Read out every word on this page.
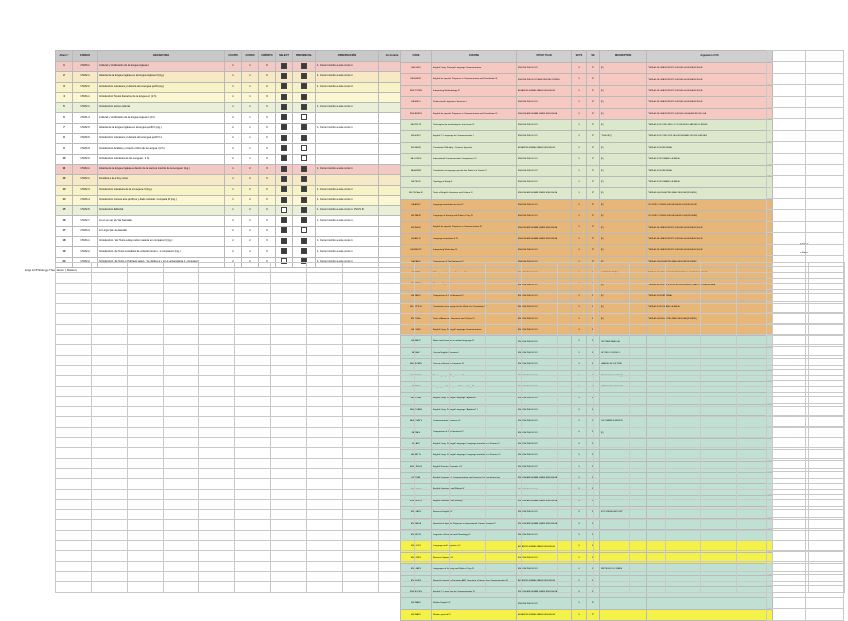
Altern.*	CODIGO	ASIGNATURA	CUATRI	CURSO	CRÉDITO	SELECT	PRESENCIAL	OBSERVACIÓN	Co.horaria
1	17180-1	Cultural y Civilización de la lengua inglesa I	1	1	6			1. Curso inscrito a este curso 1	
2	17182-1	Historia de la lengua inglesa en la lengua inglesa II (ing.)	1	1	6			1. Curso inscrito a este curso 1	
3	17182-2	Introducción Literatura y Historia de la lengua perfil (ing.)	1	1	6			1. Curso inscrito a este curso II	
4	17184-1	Introducción Textos literarios de la lengua a I (2 h)	1	1	6				
5	17182-1	Introducción textos cultural	1	1	6			1. Curso inscrito a este curso 1	
6	17181-4	Cultural y Civilización de la lengua inglesa I (2 h)	2	1	6				
7	17182-5	Historia de la lengua inglesa en la lengua perfil II (ing.)	2	1	6			1. Curso inscrito a este curso 1	
8	17183-6	Introducción Literatura y Historia de la lengua perfil II.1	2	1	6				
9	17184-9	Introducción Análisis y el texto crítico de la Lengua I (2 h)	2	1	6				
10	17182-6	Introducción Literatura de los Lengua I, 2 h)	2	1	6				
11	17182-1	Historia de la lengua inglesa a dentro de la carrera inscrito de la Lengua I (ing.)	1	2	6			1. Curso inscrito a este curso 1	
12	17182-1	Fonética a la a hoy curso	1	2	6				
13	17182-3	Introducción Literatura de la Lit supera II (ing.)	1	2	6			1. Curso inscrito a este curso 1	
14	17184-4	Introducción Cursos arte perfil es y dado incluido. Compara III (ing.)	1	2	6			1. Curso inscrito a este curso 1	
15	17182-5	Introducción Editorial	1	2	6			1. Curso inscrito a este curso 1. PLUS III	
16	17182-7	Lit en su ser de Var baccalar.	2	2	6			1. Curso inscrito a este curso 1.	
17	17184-3	Lit Lingu Var. de Estudio	2	2	6				
18	17184-1	Introducción. Ver Texto a Esp cultur materia en compara II (ing.)	2	2	6			1. Curso inscrito a este curso 1	
19	17182-2	Introducción. de Texto a Análisis de a literari texto n. 1 compara II (ing.)	2	2	6			1. Curso inscrito a este curso 1	
20	17182-2	Introducción. de Texto o Pub Esti select., Ve dottico a y Li Lit universitaria 1. compara II	2	2	6			1. Curso inscrito a este curso 1	
CODE	COURSE	STUDY PLAN	ECTS	SE	DESCRIPTION	Argument of CS
FA-FLING	English Lang. Portugal Language Communication	ENGLISH PHILOLOGY	3	3º	[D]	*VERLAG DE GRAUS MPORT GLEICHE LA LINGUA RICHOLIE
INF-BREXT	English for specific Purposes in Communication and Translation III	ENGLISH PHILOLOGY AND ENGLISH STUDIES	3	3º		*VERLAG DE GRAUS MPORT GLEICHE LA LINGUA RICHOLIE
ENF-TOPEN	Interpreting Methodology IV	ADVANCED HUMAN GRADE ENGLISH FA	3	3º	[D]	*VERLAG DE GRAUS MPORT GLEICHE LA LINGUA RICHOLIE
FA-ENFO	Professional Linguistics Structure I	ENGLISH PHILOLOGY	3	3º	[D]	*VERLAG DE GRAUS MPORT GLEICHE LA LINGUA RICHOLIE
ENF-BREXV	English for specific Purposes in Communication and Translation IV	ENGLISH AND HUMAN GRADE ENGLISH FA	3	3º	[D]	*VERLAG DE GRAUS MPORT GLEICHE LINGUA ENCIRCLED GLA
FA-TFB-TF	Techniques de translating for short texts IV	ENGLISH PHILOLOGY	3	3º	[K]	*VERLAG DOS COMO FING. S.* FLORICA DEL GAS/GELOS REVER
EN-EURO	English C. Language for Communication I	ENGLISH PHILOLOGY	3	3º	*1506 DE [T]	*VERLAG DOS COMO VICE LA GLEICHGRAND GROSS GLEICHES
EN-WEBV	Translation With Any - Contract Specials	ADVANCED HUMAN GRADE ENGLISH FA	3	3º	[K]	*VERLAG DOS REFORMAL
FA-COEUF	International Communication Competence IV	ENGLISH PHILOLOGY	3	3º	[D]	*VERLAG DOS ROMANO LA VAR-IA
FA-ASPEN	Translation in language specific the Work of a Textos IV	ENGLISH PHILOLOGY	3	3º	[D]	*VERLAG DOS REFORMAL
FA-TECFI	Topology of Study II	ENGLISH PHILOLOGY	3	3º	[D]	*VERLAG DOS ROMANO LA VAR-IA
EN-TECAm-VI	Texts of English Literature and Culture IV	ENGLISH AND HUMAN GRADE ENGLISH FA	3	3º	[D]	*VERLAG GLEICH AUTRE GRAIL REGOLAR [ROGERE]
FA-AIFLV	Language translation for text IV	ENGLISH PHILOLOGY	3	3º	[D]	CULTURE / COM.EN.GLEICHE LAL/BOLOGN RICHOLIE
EN-PAPFI	Language of Society and Politics I Key IV	ENGLISH PHILOLOGY	3	3º	[D]	CULTURE / COM.EN.GLEICHE LAL/BOLOGN [ROGERE]
EN-INFLE	English for specific Purposes in Communication III	ENGLISH AND HUMAN GRADE ENGLISH FA	3	3º	[D]	*VERLAG DE GRAUS MPORT GLEICHE LA LINGUA RICHOLIE
EN-AFLIV	Language translation II IV	ENGLISH AND HUMAN GRADE ENGLISH FA	3	3º	[D]	*VERLAG DE GRAUS MPORT GLEICHE LA LINGUA RICHOLIE
EN-WEUTF	Interpreting Workshop IV	ENGLISH PHILOLOGY	4	3º	[D]	*VERLAG DE GRAUS MPORT GLEICHE LA LINGUA RICHOLIE
FA-PAFIV	Comparison of Text literature IV	ENGLISH PHILOLOGY	4	3º	[D]	*VERLAG GLEICH AUTRE GRAIL REGOLAR [ROGERE]
FA-PRIFI	FA Linguistic linguistic Structure IV	ENGLISH PHILOLOGY	6	3º	COMO DES EN [D]	*VERLAG DE GRAUS VOR ELLER FEDER O L.GLEICHE LA LINGUA
EN-PAFVII	Business Digital IV	ENGLISH PHILOLOGY	4	3º	[D]	*VERLAG DE DOS DE VOR ELLE ROLE FEDEROL, VAR ICOLOGIA LA CASA
FA-TAFLV	Comparison of Text literature IV	ENGLISH PHILOLOGY	3	3º	[D]	*VERLAG DOS REFORMAL
EN-APPF-VI	Translation in language for the Work of a Translation IV	ENGLISH PHILOLOGY	3	3º	[D]	*VERLAG DOS ROMANO LA VAR-IA
EN-TLIEm	Texts of American Literature and Culture IV	ENGLISH PHILOLOGY	3	3º	[D]	*VERLAG GLEICH AUTRE GRAIL REGOLAR [ROGERE]
FA-FLING	English Lang. Portugal Language Communication	ENGLISH PHILOLOGY	3	3º		
FA-NAFIT	News and Literature in written language IV	ENGLISH PHILOLOGY	3	3º	TEXT AND READ DEL	
FA-RA-C	Course English Literature I	ENGLISH PHILOLOGY	3	3º	LE* RELO COM DE O.	
FA-LA-CATE	Course of literature Literature IV	ENGLISH PHILOLOGY	3	3º	CAMB EL DE CULTURE	
FA-ENGLIT	The Language of Negotiation IV	ENGLISH PHILOLOGY	3	3º	TECO EN CGL GOTO [T]	
FA-PAFV	Languages of Society and Politics I Key IV	ENGLISH PHILOLOGY	3	3º	CAMB EL DE COLT COM	
FA-ECOAF	English Lang. Portugal Language "Apolitical"	ENGLISH PHILOLOGY	3	3º		
FA-ECOAFB	English Lang. Portugal Language "Apolitical" I	ENGLISH PHILOLOGY	3	3º		
FA-ECOAF V	Communication Business IV	ENGLISH PHILOLOGY	3	3º	CULT SAMPLE SERVICE	
FA-TAFV	Comparison of Text literature IV	ENGLISH PHILOLOGY	4	3º	[D]	
EN-ABT	English Lang. Portugal Language, Language translation in Practice V	ENGLISH PHILOLOGY	4	3º		
FA-ABT IV	English Lang. Portugal Language, Language translation in Practice IV	ENGLISH PHILOLOGY	3	3º		
EN-FLING-IV	English Practice Theoretic I IV	ENGLISH PHILOLOGY	3	3º		
EN-TFAF	English Language I, Communication and Learning Course theory text	ENGLISH AND HUMAN GRADE ENGLISH FA	3	3º		
ENF-GRFV	English Literature and Writing IV	ENGLISH PHILOLOGY	3	3º		
ENF-GRF-IV	English Literature and Writing I	ENGLISH AND HUMAN GRADE ENGLISH FA	3	3º		
ENF-JAFV	Business English IV	ENGLISH PHILOLOGY	3	3º	ECO GREGA CAS COM *	
EN-SMICA	Spanish for Specific Purposes in International Communication IV	ENGLISH AND HUMAN GRADE ENGLISH FA	3	3º		
EN-SFP-IV	Linguistic of Sounds and Phonology IV	ENGLISH PHILOLOGY	3	3º		
ENF-JLFV	Language and Linguistics IV	ADVANCED HUMAN GRADE ENGLISH FA	3	3º		
ENF-JRFV	Business Spanish IV	ENGLISH PHILOLOGY	3	3º		
ENF-JAFV	Languages of Society and Politics I Key IV	ENGLISH PHILOLOGY	4	3º	WRITE EN CLIC GRAVE	
EN-SLUFV	Spanish Linguistics/Literature ART Literature of Internation Communication IV	ADVANCED HUMAN GRADE ENGLISH FA	3	3º		
ENF-ECOFV	English C. Language for Communication IV	ENGLISH AND HUMAN GRADE ENGLISH FA	3	3º		
EN-WAFV	Written English IV	ENGLISH PHILOLOGY	3	3º		
EN-WAFV	Written spanish IV	ADVANCED HUMAN GRADE ENGLISH FA	3	3º		

Engl.Lit/Philology-Theo factor ( Master)
p.ej.fr. a*
o Roma*
